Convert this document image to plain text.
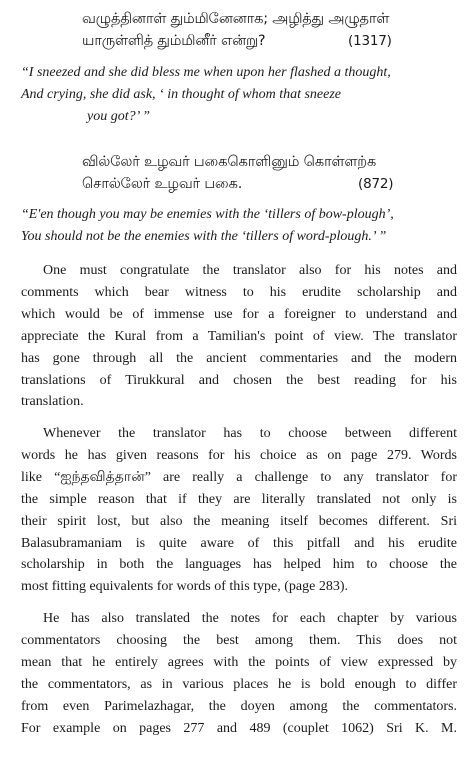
வழுத்தினாள் தும்மினேனாக; அழித்து அழுதாள்
யாருள்ளித் தும்மினீர் என்று?	(1317)
“I sneezed and she did bless me when upon her flashed a thought,
And crying, she did ask, ‘ in thought of whom that sneeze
you got?’ ”
வில்லேர் உழவர் பகைகொளினும் கொள்ளற்க
சொல்லேர் உழவர் பகை.	(872)
“E'en though you may be enemies with the ‘tillers of bow-plough’,
You should not be the enemies with the ‘tillers of word-plough.’ ”
One must congratulate the translator also for his notes and
comments which bear witness to his erudite scholarship and
which would be of immense use for a foreigner to understand and
appreciate the Kural from a Tamilian's point of view. The translator
has gone through all the ancient commentaries and the modern
translations of Tirukkural and chosen the best reading for his
translation.
Whenever the translator has to choose between different
words he has given reasons for his choice as on page 279. Words
like “ஐந்தவித்தான்” are really a challenge to any translator for
the simple reason that if they are literally translated not only is
their spirit lost, but also the meaning itself becomes different. Sri
Balasubramaniam is quite aware of this pitfall and his erudite
scholarship in both the languages has helped him to choose the
most fitting equivalents for words of this type, (page 283).
He has also translated the notes for each chapter by various
commentators choosing the best among them. This does not
mean that he entirely agrees with the points of view expressed by
the commentators, as in various places he is bold enough to differ
from even Parimelazhagar, the doyen among the commentators.
For example on pages 277 and 489 (couplet 1062) Sri K. M.
